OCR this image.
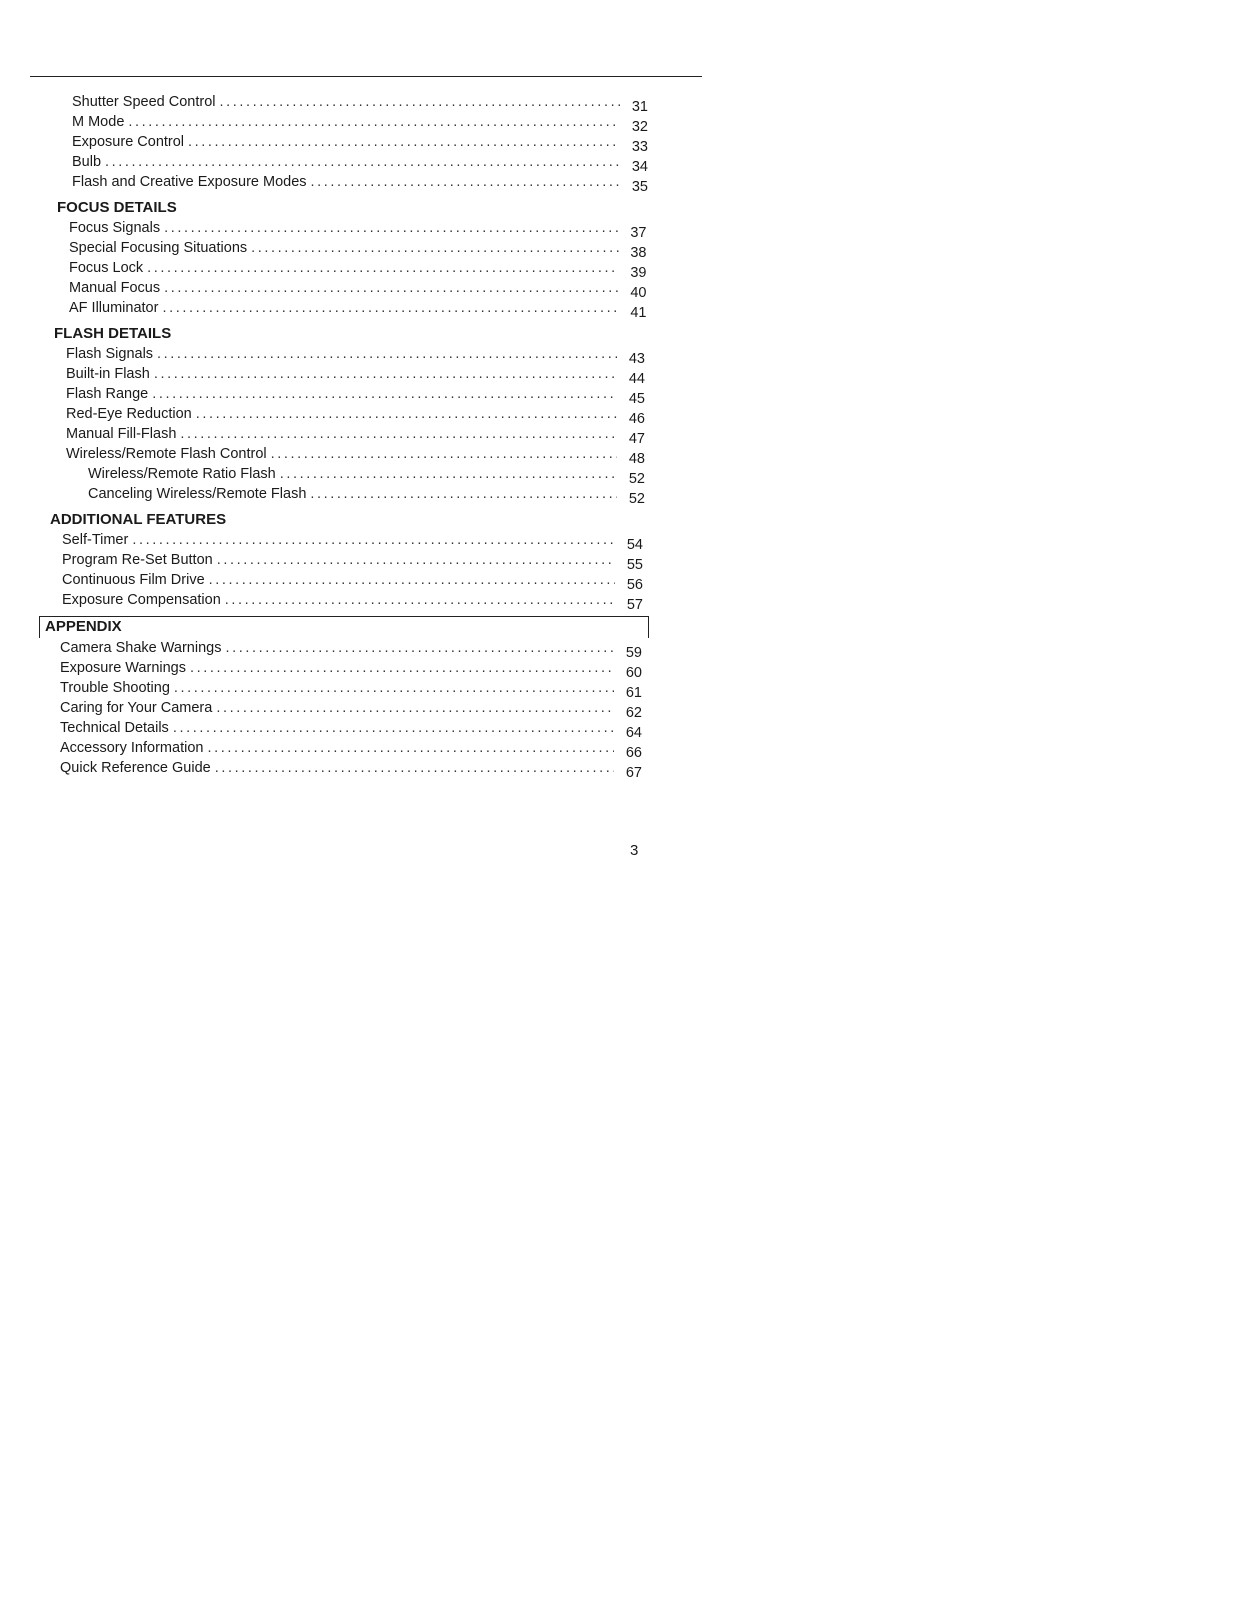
Shutter Speed Control .....	31
M Mode .....	32
Exposure Control .....	33
Bulb .....	34
Flash and Creative Exposure Modes .....	35
FOCUS DETAILS
Focus Signals .....	37
Special Focusing Situations .....	38
Focus Lock .....	39
Manual Focus .....	40
AF Illuminator .....	41
FLASH DETAILS
Flash Signals .....	43
Built-in Flash .....	44
Flash Range .....	45
Red-Eye Reduction .....	46
Manual Fill-Flash .....	47
Wireless/Remote Flash Control .....	48
Wireless/Remote Ratio Flash .....	52
Canceling Wireless/Remote Flash .....	52
ADDITIONAL FEATURES
Self-Timer .....	54
Program Re-Set Button .....	55
Continuous Film Drive .....	56
Exposure Compensation .....	57
APPENDIX
Camera Shake Warnings .....	59
Exposure Warnings .....	60
Trouble Shooting .....	61
Caring for Your Camera .....	62
Technical Details .....	64
Accessory Information .....	66
Quick Reference Guide .....	67
3
